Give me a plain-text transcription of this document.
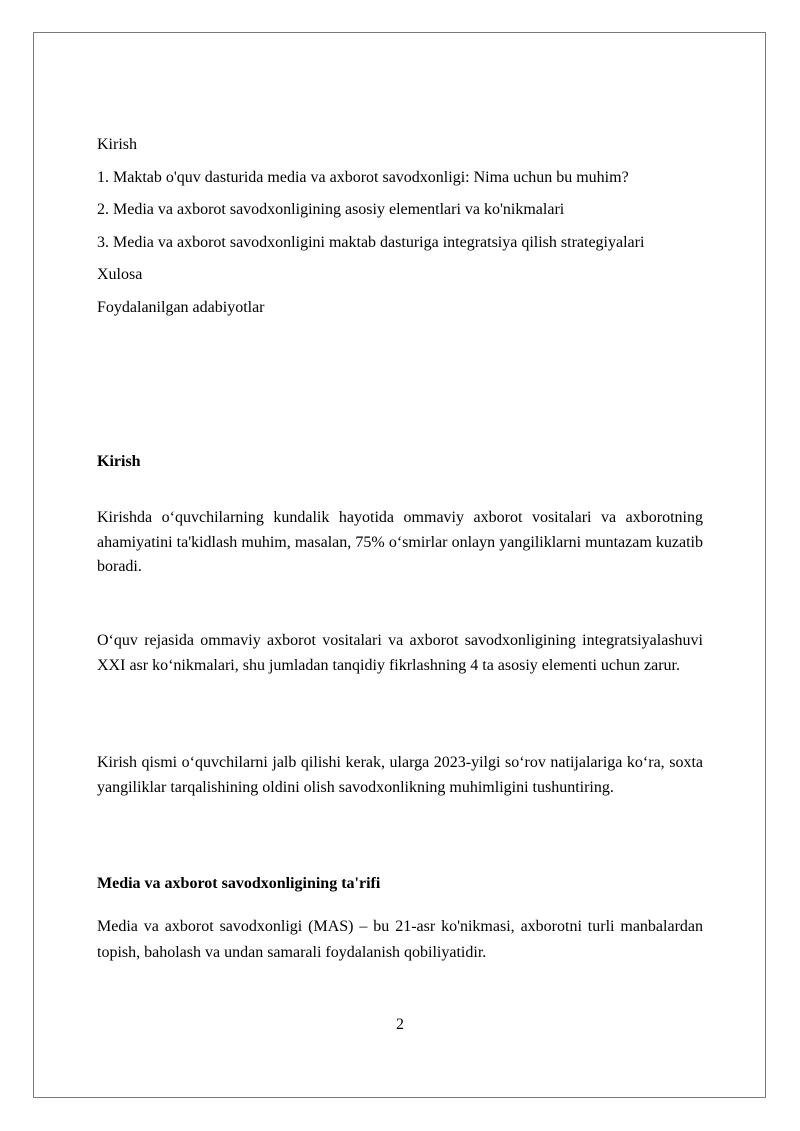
Kirish

1. Maktab o'quv dasturida media va axborot savodxonligi: Nima uchun bu muhim?

2. Media va axborot savodxonligining asosiy elementlari va ko'nikmalari

3. Media va axborot savodxonligini maktab dasturiga integratsiya qilish strategiyalari

Xulosa

Foydalanilgan adabiyotlar

Kirish

Kirishda o‘quvchilarning kundalik hayotida ommaviy axborot vositalari va axborotning ahamiyatini ta'kidlash muhim, masalan, 75% o‘smirlar onlayn yangiliklarni muntazam kuzatib boradi.

O‘quv rejasida ommaviy axborot vositalari va axborot savodxonligining integratsiyalashuvi XXI asr ko‘nikmalari, shu jumladan tanqidiy fikrlashning 4 ta asosiy elementi uchun zarur.

Kirish qismi o‘quvchilarni jalb qilishi kerak, ularga 2023-yilgi so‘rov natijalariga ko‘ra, soxta yangiliklar tarqalishining oldini olish savodxonlikning muhimligini tushuntiring.

Media va axborot savodxonligining ta'rifi

Media va axborot savodxonligi (MAS) – bu 21-asr ko'nikmasi, axborotni turli manbalardan topish, baholash va undan samarali foydalanish qobiliyatidir.

2
